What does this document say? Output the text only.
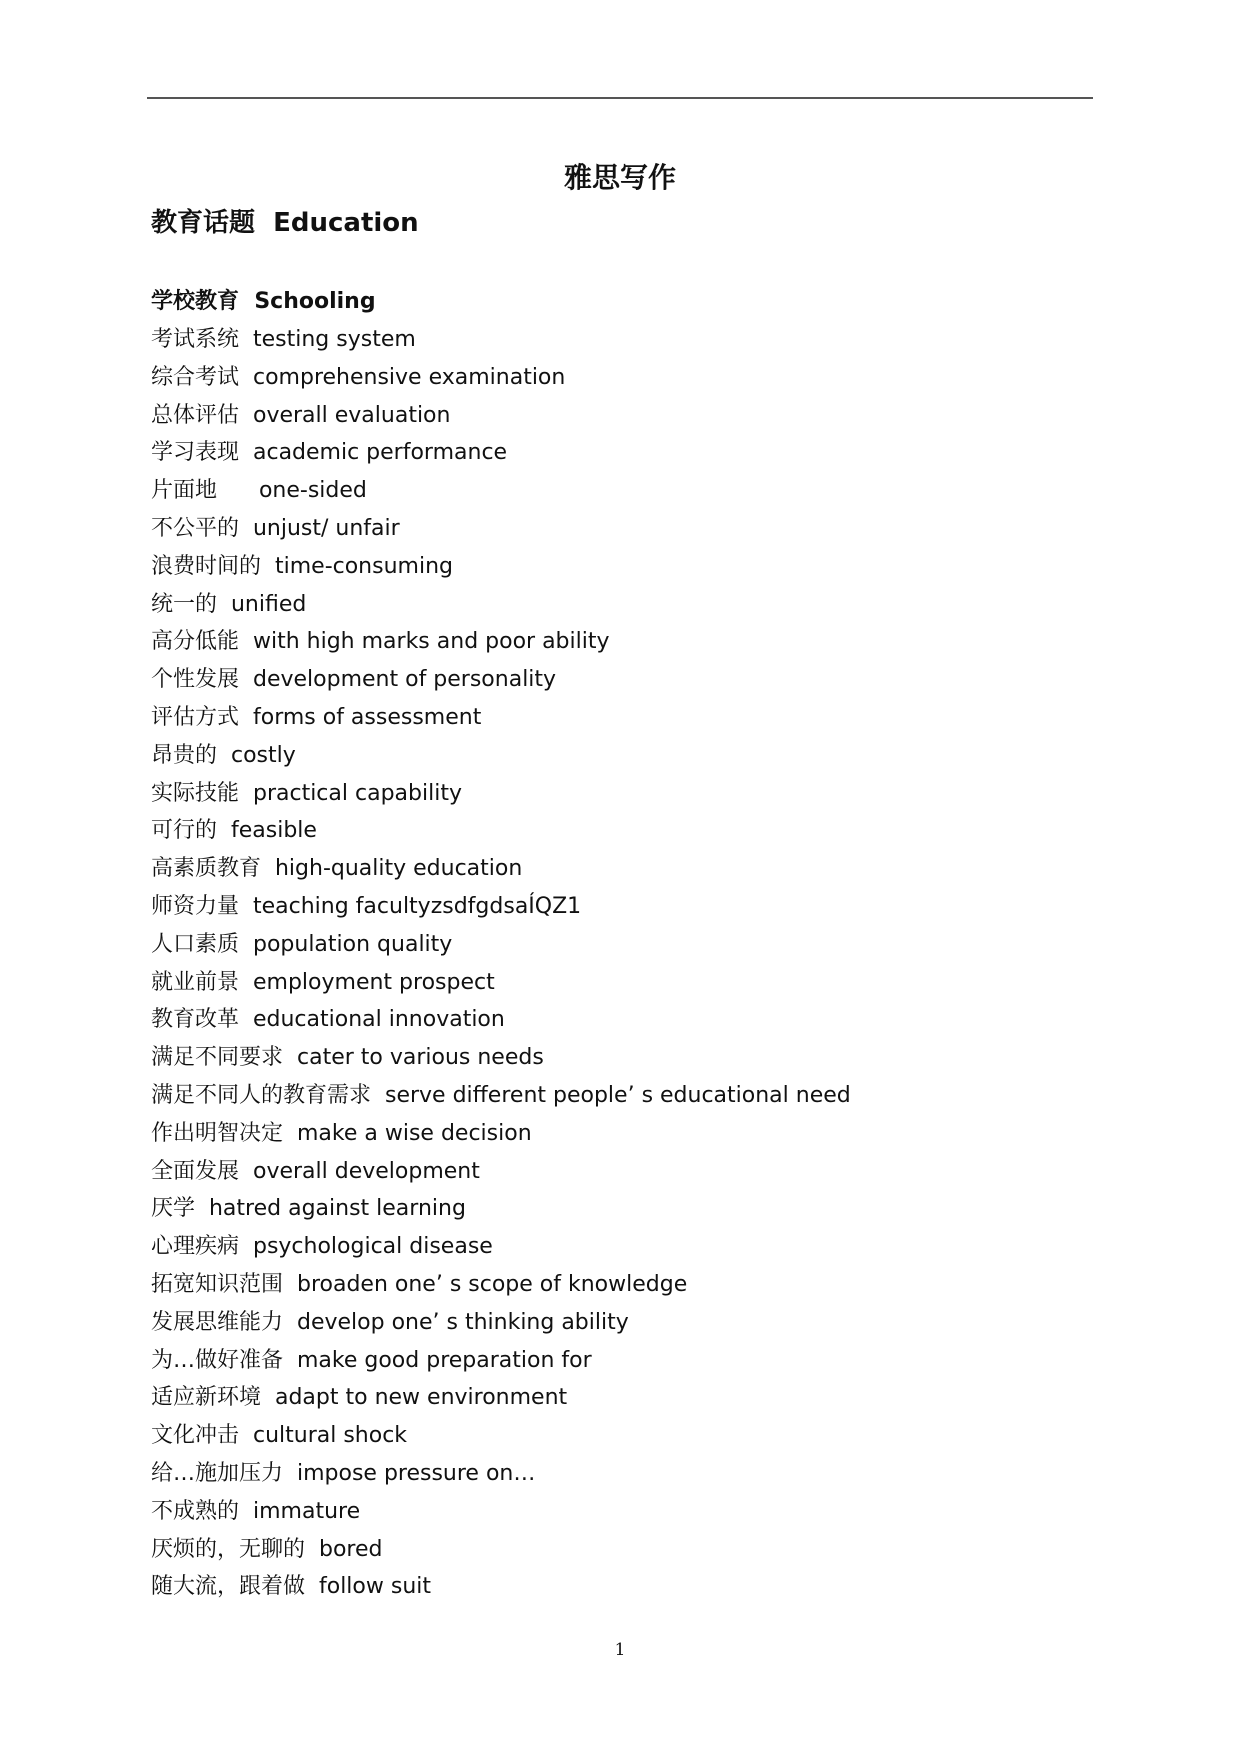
雅思写作
教育话题  Education
学校教育  Schooling
考试系统  testing system
综合考试  comprehensive examination
总体评估  overall evaluation
学习表现  academic performance
片面地      one-sided
不公平的  unjust/ unfair
浪费时间的  time-consuming
统一的  unified
高分低能  with high marks and poor ability
个性发展  development of personality
评估方式  forms of assessment
昂贵的  costly
实际技能  practical capability
可行的  feasible
高素质教育  high-quality education
师资力量  teaching facultyzsdfgdsaÍQZ1
人口素质  population quality
就业前景  employment prospect
教育改革  educational innovation
满足不同要求  cater to various needs
满足不同人的教育需求  serve different people’ s educational need
作出明智决定  make a wise decision
全面发展  overall development
厌学  hatred against learning
心理疾病  psychological disease
拓宽知识范围  broaden one’ s scope of knowledge
发展思维能力  develop one’ s thinking ability
为…做好准备  make good preparation for
适应新环境  adapt to new environment
文化冲击  cultural shock
给…施加压力  impose pressure on…
不成熟的  immature
厌烦的，无聊的  bored
随大流，跟着做  follow suit
1
